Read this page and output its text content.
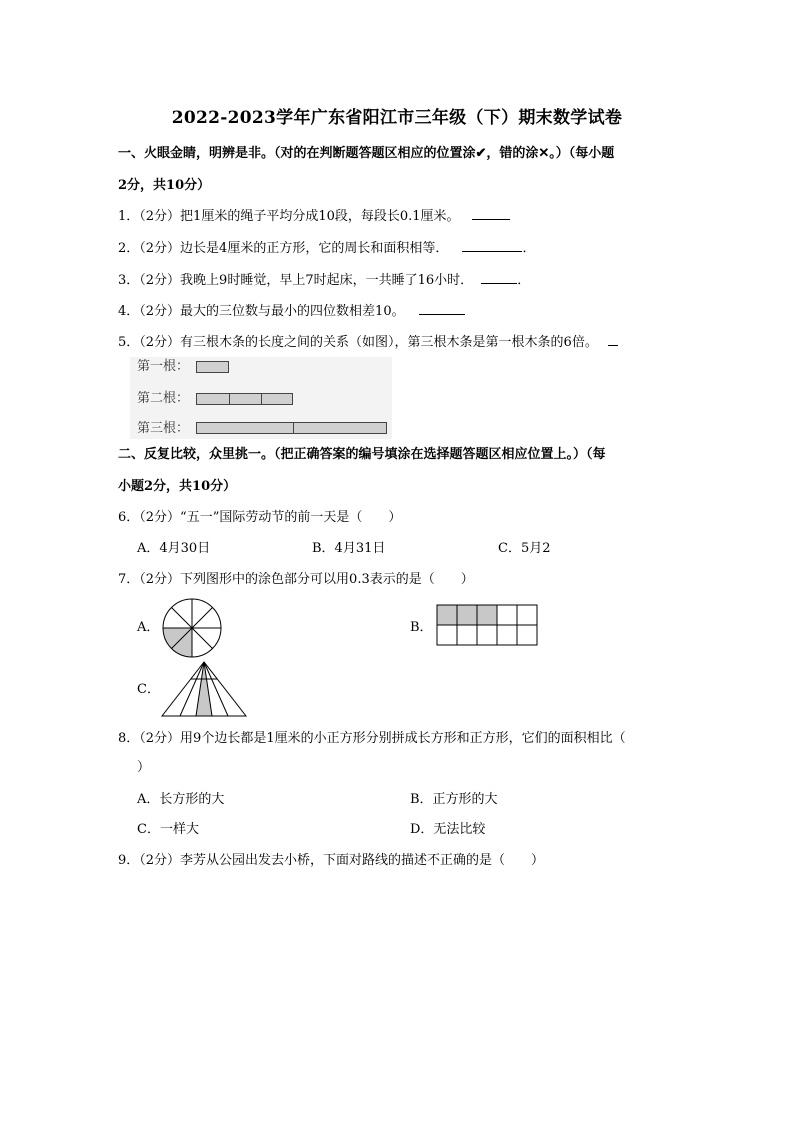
2022-2023学年广东省阳江市三年级（下）期末数学试卷
一、火眼金睛，明辨是非。（对的在判断题答题区相应的位置涂✔，错的涂✕。）（每小题
2分，共10分）
1．（2分）把1厘米的绳子平均分成10段，每段长0.1厘米。
2．（2分）边长是4厘米的正方形，它的周长和面积相等．	．
3．（2分）我晚上9时睡觉，早上7时起床，一共睡了16小时．	．
4．（2分）最大的三位数与最小的四位数相差10。
5．（2分）有三根木条的长度之间的关系（如图），第三根木条是第一根木条的6倍。
第一根：
第二根：
第三根：
二、反复比较，众里挑一。（把正确答案的编号填涂在选择题答题区相应位置上。）（每
小题2分，共10分）
6．（2分）“五一”国际劳动节的前一天是（　　）
A．4月30日	B．4月31日	C．5月2
7．（2分）下列图形中的涂色部分可以用0.3表示的是（　　）
A．	B．
C．
8．（2分）用9个边长都是1厘米的小正方形分别拼成长方形和正方形，它们的面积相比（
）
A．长方形的大	B．正方形的大
C．一样大	D．无法比较
9．（2分）李芳从公园出发去小桥，下面对路线的描述不正确的是（　　）
